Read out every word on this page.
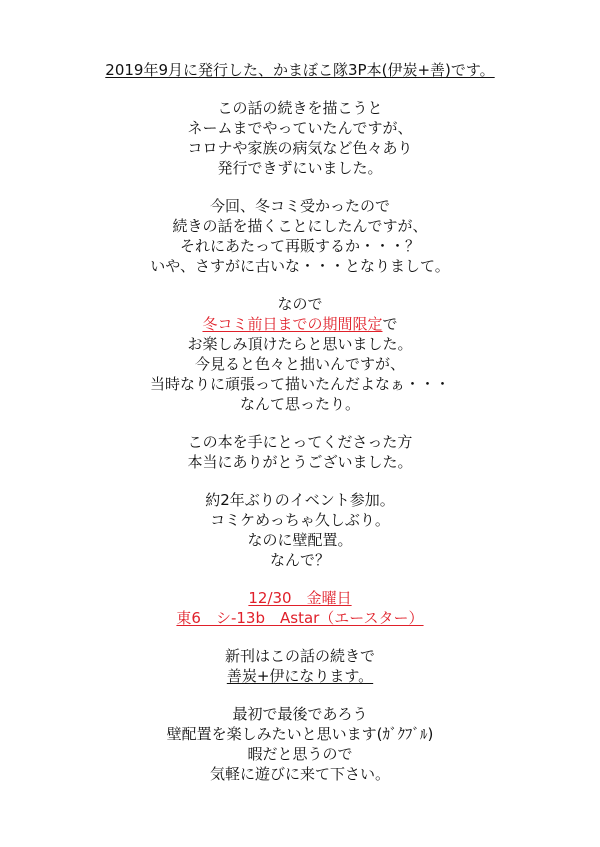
2019年9月に発行した、かまぼこ隊3P本(伊炭+善)です。
この話の続きを描こうと
ネームまでやっていたんですが、
コロナや家族の病気など色々あり
発行できずにいました。
今回、冬コミ受かったので
続きの話を描くことにしたんですが、
それにあたって再販するか・・・？
いや、さすがに古いな・・・となりまして。
なので
冬コミ前日までの期間限定で
お楽しみ頂けたらと思いました。
今見ると色々と拙いんですが、
当時なりに頑張って描いたんだよなぁ・・・
なんて思ったり。
この本を手にとってくださった方
本当にありがとうございました。
約2年ぶりのイベント参加。
コミケめっちゃ久しぶり。
なのに壁配置。
なんで？
12/30　金曜日
東6　シ-13b　Astar（エースター）
新刊はこの話の続きで
善炭+伊になります。
最初で最後であろう
壁配置を楽しみたいと思います(ｶﾞｸﾌﾞﾙ)
暇だと思うので
気軽に遊びに来て下さい。
